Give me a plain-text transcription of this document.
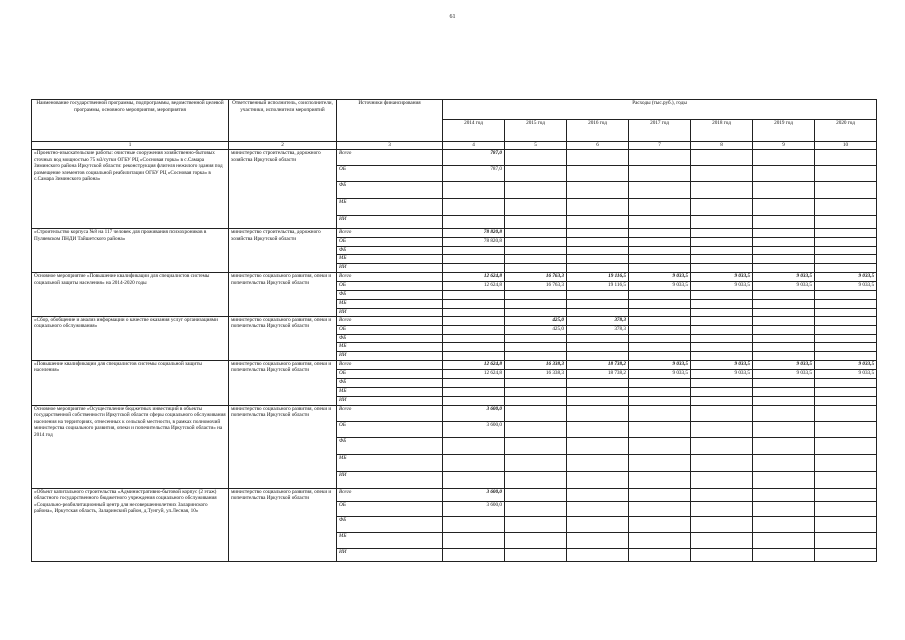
61
Наименование государственной программы, подпрограммы, ведомственной целевой программы, основного мероприятия, мероприятия	Ответственный исполнитель, соисполнители, участники, исполнители мероприятий	Источники финансирования	Расходы (тыс.руб.), годы						
			2014 год	2015 год	2016 год	2017 год	2018 год	2019 год	2020 год
1	2	3	4	5	6	7	8	9	10
«Проектно-изыскательские работы: очистные сооружения хозяйственно-бытовых сточных вод мощностью 75 м3/сутки ОГБУ РЦ «Сосновая горка» в с.Самара Зиминского района Иркутской области: реконструкция флигеля нежилого здания под размещение элементов социальной реабилитации ОГБУ РЦ «Сосновая горка» в с.Самара Зиминского района»	министерство строительства, дорожного хозяйства Иркутской области	Всего	787,0						
		ОБ	787,0						
		ФБ							
		МБ							
		ИИ							
«Строительство корпуса №8 на 117 человек для проживания психохроников в Пуляевском ПНДИ Тайшетского района»	министерство строительства, дорожного хозяйства Иркутской области	Всего	78 820,8						
		ОБ	78 820,8						
		ФБ							
		МБ							
		ИИ							
Основное мероприятие «Повышение квалификации для специалистов системы социальной защиты населения» на 2014-2020 годы	министерство социального развития, опеки и попечительства Иркутской области	Всего	12 624,8	16 763,3	19 116,5	9 033,5	9 033,5	9 033,5	9 033,5
		ОБ	12 624,8	16 763,3	19 116,5	9 033,5	9 033,5	9 033,5	9 033,5
		ФБ							
		МБ							
		ИИ							
«Сбор, обобщение и анализ информации о качестве оказания услуг организациями социального обслуживания»	министерство социального развития, опеки и попечительства Иркутской области	Всего		425,0	378,3				
		ОБ		425,0	378,3				
		ФБ							
		МБ							
		ИИ							
«Повышение квалификации для специалистов системы социальной защиты населения»	министерство социального развития, опеки и попечительства Иркутской области	Всего	12 624,8	16 338,3	18 738,2	9 033,5	9 033,5	9 033,5	9 033,5
		ОБ	12 624,8	16 338,3	18 738,2	9 033,5	9 033,5	9 033,5	9 033,5
		ФБ							
		МБ							
		ИИ							
Основное мероприятие «Осуществление бюджетных инвестиций в объекты государственной собственности Иркутской области сферы социального обслуживания населения на территориях, отнесенных к сельской местности, в рамках полномочий министерства социального развития, опеки и попечительства Иркутской области» на 2014 год	министерство социального развития, опеки и попечительства Иркутской области	Всего	3 600,0						
		ОБ	3 600,0						
		ФБ							
		МБ							
		ИИ							
«Объект капитального строительства «Административно-бытовой корпус (2 этаж) областного государственного бюджетного учреждения социального обслуживания «Социально-реабилитационный центр для несовершеннолетних Заларинского района», Иркутская область, Заларинский район, д.Тунгуй, ул.Лесная, 10»	министерство социального развития, опеки и попечительства Иркутской области	Всего	3 600,0						
		ОБ	3 600,0						
		ФБ							
		МБ							
		ИИ							
